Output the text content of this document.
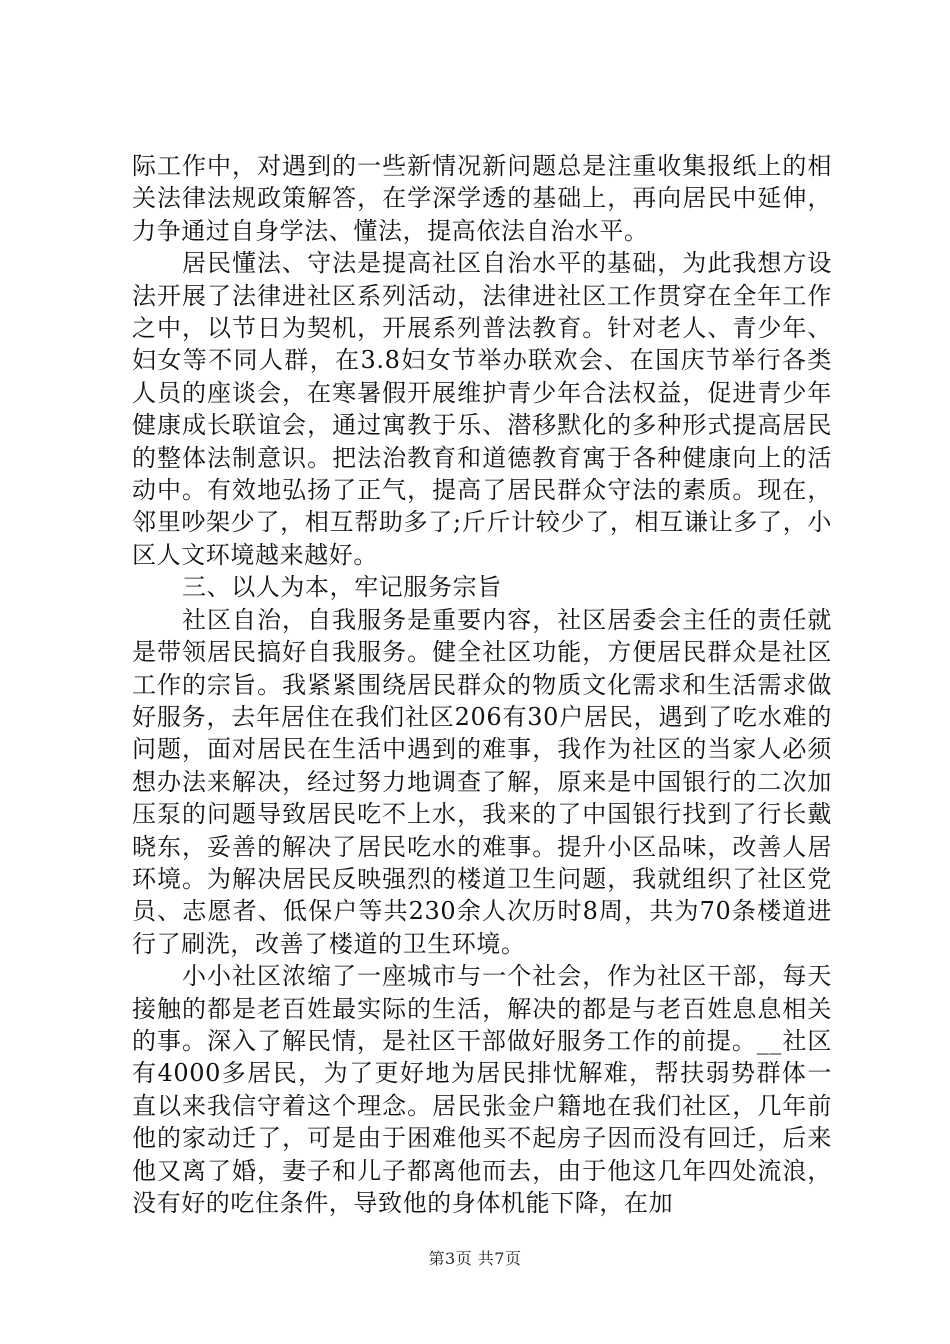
际工作中，对遇到的一些新情况新问题总是注重收集报纸上的相关法律法规政策解答，在学深学透的基础上，再向居民中延伸，力争通过自身学法、懂法，提高依法自治水平。

居民懂法、守法是提高社区自治水平的基础，为此我想方设法开展了法律进社区系列活动，法律进社区工作贯穿在全年工作之中，以节日为契机，开展系列普法教育。针对老人、青少年、妇女等不同人群，在3.8妇女节举办联欢会、在国庆节举行各类人员的座谈会，在寒暑假开展维护青少年合法权益，促进青少年健康成长联谊会，通过寓教于乐、潜移默化的多种形式提高居民的整体法制意识。把法治教育和道德教育寓于各种健康向上的活动中。有效地弘扬了正气，提高了居民群众守法的素质。现在，邻里吵架少了，相互帮助多了;斤斤计较少了，相互谦让多了，小区人文环境越来越好。

三、以人为本，牢记服务宗旨

社区自治，自我服务是重要内容，社区居委会主任的责任就是带领居民搞好自我服务。健全社区功能，方便居民群众是社区工作的宗旨。我紧紧围绕居民群众的物质文化需求和生活需求做好服务，去年居住在我们社区206有30户居民，遇到了吃水难的问题，面对居民在生活中遇到的难事，我作为社区的当家人必须想办法来解决，经过努力地调查了解，原来是中国银行的二次加压泵的问题导致居民吃不上水，我来的了中国银行找到了行长戴晓东，妥善的解决了居民吃水的难事。提升小区品味，改善人居环境。为解决居民反映强烈的楼道卫生问题，我就组织了社区党员、志愿者、低保户等共230余人次历时8周，共为70条楼道进行了刷洗，改善了楼道的卫生环境。

小小社区浓缩了一座城市与一个社会，作为社区干部，每天接触的都是老百姓最实际的生活，解决的都是与老百姓息息相关的事。深入了解民情，是社区干部做好服务工作的前提。__社区有4000多居民，为了更好地为居民排忧解难，帮扶弱势群体一直以来我信守着这个理念。居民张金户籍地在我们社区，几年前他的家动迁了，可是由于困难他买不起房子因而没有回迁，后来他又离了婚，妻子和儿子都离他而去，由于他这几年四处流浪，没有好的吃住条件，导致他的身体机能下降，在加

第3页 共7页
